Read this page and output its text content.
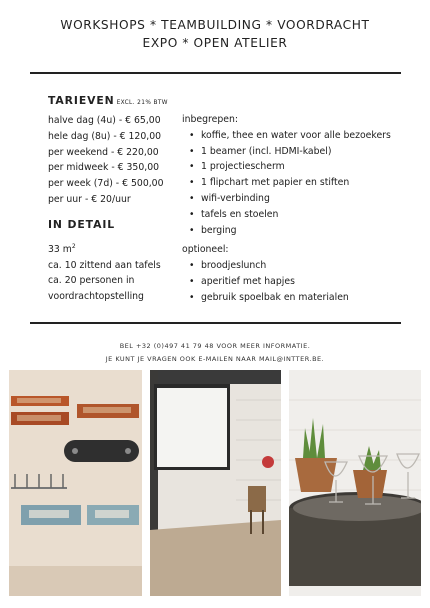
WORKSHOPS * TEAMBUILDING * VOORDRACHT
EXPO * OPEN ATELIER
TARIEVEN EXCL. 21% BTW
halve dag (4u) - € 65,00
hele dag (8u) - € 120,00
per weekend - € 220,00
per midweek - € 350,00
per week (7d) - € 500,00
per uur - € 20/uur
IN DETAIL
33 $m^2$
ca. 10 zittend aan tafels
ca. 20 personen in
voordrachtopstelling
inbegrepen:
• koffie, thee en water voor alle bezoekers
• 1 beamer (incl. HDMI-kabel)
• 1 projectiescherm
• 1 flipchart met papier en stiften
• wifi-verbinding
• tafels en stoelen
• berging
optioneel:
• broodjeslunch
• aperitief met hapjes
• gebruik spoelbak en materialen
BEL +32 (0)497 41 79 48 VOOR MEER INFORMATIE.
JE KUNT JE VRAGEN OOK E-MAILEN NAAR MAIL@INTTER.BE.
